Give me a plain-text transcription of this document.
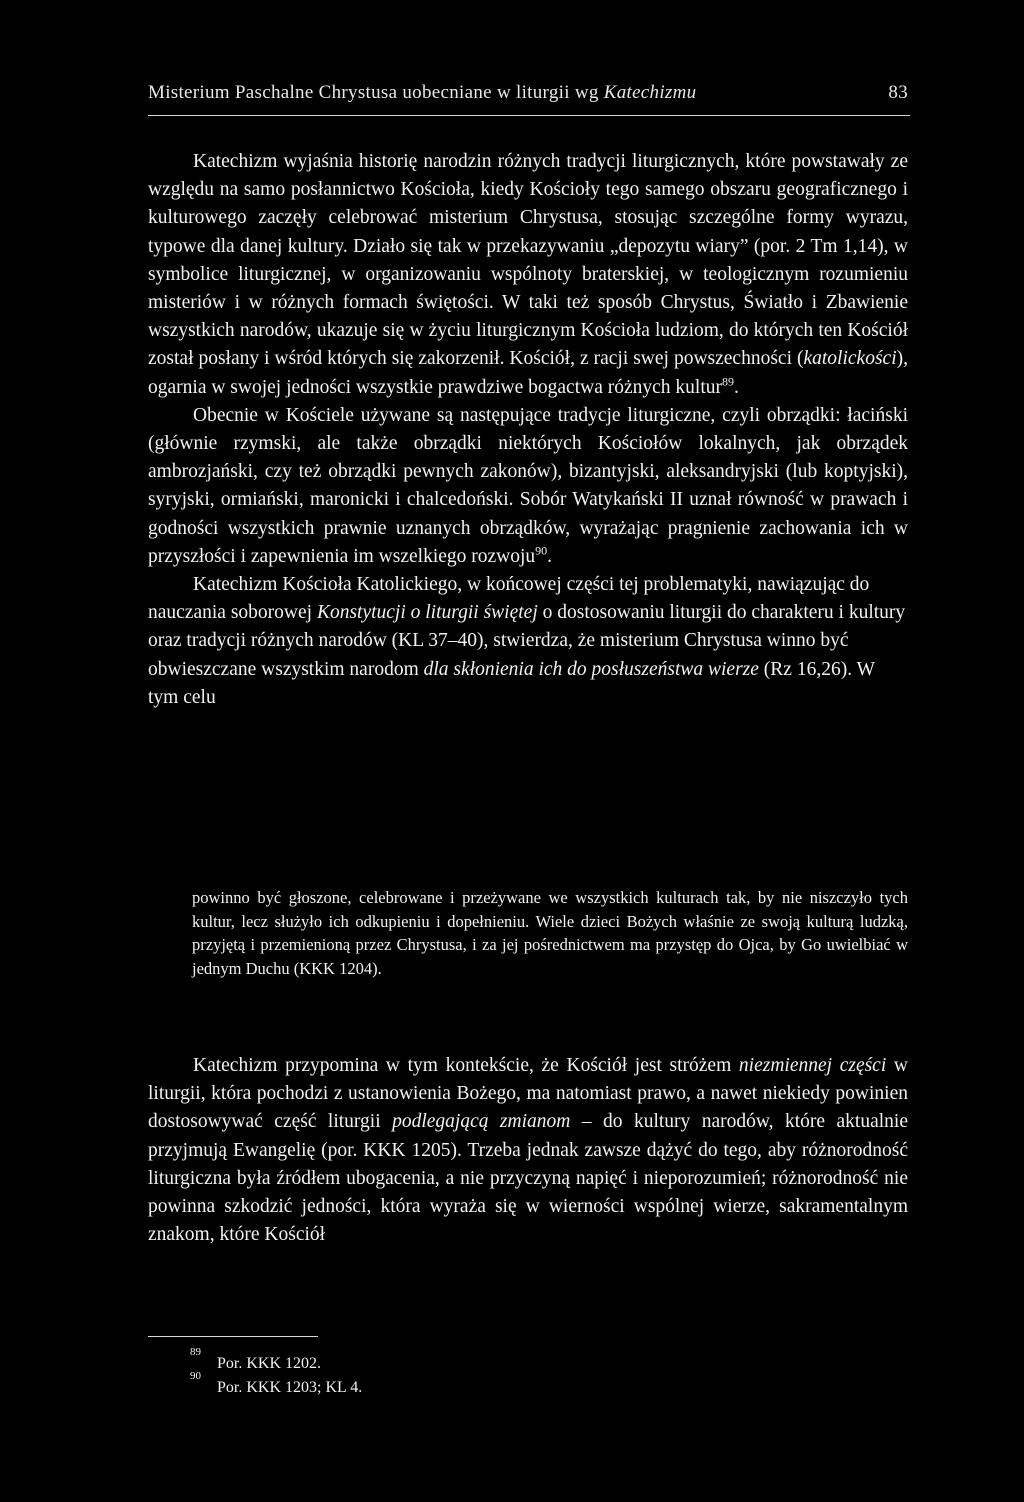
Misterium Paschalne Chrystusa uobecniane w liturgii wg Katechizmu	83

Katechizm wyjaśnia historię narodzin różnych tradycji liturgicznych, które powstawały ze względu na samo posłannictwo Kościoła, kiedy Kościoły tego samego obszaru geograficznego i kulturowego zaczęły celebrować misterium Chrystusa, stosując szczególne formy wyrazu, typowe dla danej kultury. Działo się tak w przekazywaniu „depozytu wiary” (por. 2 Tm 1,14), w symbolice liturgicznej, w organizowaniu wspólnoty braterskiej, w teologicznym rozumieniu misteriów i w różnych formach świętości. W taki też sposób Chrystus, Światło i Zbawienie wszystkich narodów, ukazuje się w życiu liturgicznym Kościoła ludziom, do których ten Kościół został posłany i wśród których się zakorzenił. Kościół, z racji swej powszechności (katolickości), ogarnia w swojej jedności wszystkie prawdziwe bogactwa różnych kultur$^{89}$.

Obecnie w Kościele używane są następujące tradycje liturgiczne, czyli obrządki: łaciński (głównie rzymski, ale także obrządki niektórych Kościołów lokalnych, jak obrządek ambrozjański, czy też obrządki pewnych zakonów), bizantyjski, aleksandryjski (lub koptyjski), syryjski, ormiański, maronicki i chalcedoński. Sobór Watykański II uznał równość w prawach i godności wszystkich prawnie uznanych obrządków, wyrażając pragnienie zachowania ich w przyszłości i zapewnienia im wszelkiego rozwoju$^{90}$.

Katechizm Kościoła Katolickiego, w końcowej części tej problematyki, nawiązując do nauczania soborowej Konstytucji o liturgii świętej o dostosowaniu liturgii do charakteru i kultury oraz tradycji różnych narodów (KL 37–40), stwierdza, że misterium Chrystusa winno być obwieszczane wszystkim narodom dla skłonienia ich do posłuszeństwa wierze (Rz 16,26). W tym celu

powinno być głoszone, celebrowane i przeżywane we wszystkich kulturach tak, by nie niszczyło tych kultur, lecz służyło ich odkupieniu i dopełnieniu. Wiele dzieci Bożych właśnie ze swoją kulturą ludzką, przyjętą i przemienioną przez Chrystusa, i za jej pośrednictwem ma przystęp do Ojca, by Go uwielbiać w jednym Duchu (KKK 1204).

Katechizm przypomina w tym kontekście, że Kościół jest stróżem niezmiennej części w liturgii, która pochodzi z ustanowienia Bożego, ma natomiast prawo, a nawet niekiedy powinien dostosowywać część liturgii podlegającą zmianom – do kultury narodów, które aktualnie przyjmują Ewangelię (por. KKK 1205). Trzeba jednak zawsze dążyć do tego, aby różnorodność liturgiczna była źródłem ubogacenia, a nie przyczyną napięć i nieporozumień; różnorodność nie powinna szkodzić jedności, która wyraża się w wierności wspólnej wierze, sakramentalnym znakom, które Kościół

89
Por. KKK 1202.
90
Por. KKK 1203; KL 4.
